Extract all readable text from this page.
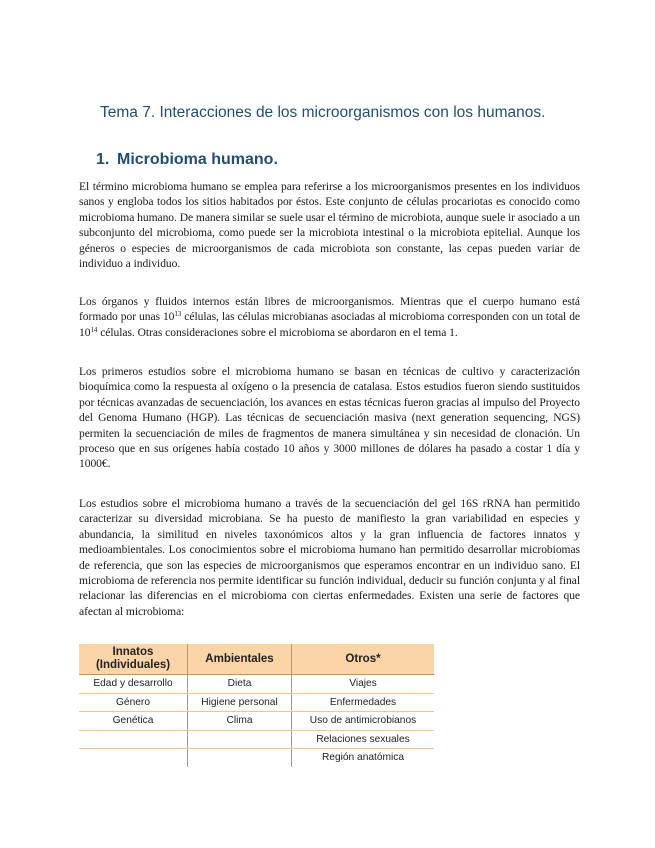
Tema 7. Interacciones de los microorganismos con los humanos.
1. Microbioma humano.

El término microbioma humano se emplea para referirse a los microorganismos presentes en los individuos sanos y engloba todos los sitios habitados por éstos. Este conjunto de células procariotas es conocido como microbioma humano. De manera similar se suele usar el término de microbiota, aunque suele ir asociado a un subconjunto del microbioma, como puede ser la microbiota intestinal o la microbiota epitelial. Aunque los géneros o especies de microorganismos de cada microbiota son constante, las cepas pueden variar de individuo a individuo.

Los órganos y fluidos internos están libres de microorganismos. Mientras que el cuerpo humano está formado por unas $10^{13}$ células, las células microbianas asociadas al microbioma corresponden con un total de $10^{14}$ células. Otras consideraciones sobre el microbioma se abordaron en el tema 1.

Los primeros estudios sobre el microbioma humano se basan en técnicas de cultivo y caracterización bioquímica como la respuesta al oxígeno o la presencia de catalasa. Estos estudios fueron siendo sustituidos por técnicas avanzadas de secuenciación, los avances en estas técnicas fueron gracias al impulso del Proyecto del Genoma Humano (HGP). Las técnicas de secuenciación masiva (next generation sequencing, NGS) permiten la secuenciación de miles de fragmentos de manera simultánea y sin necesidad de clonación. Un proceso que en sus orígenes había costado 10 años y 3000 millones de dólares ha pasado a costar 1 día y 1000€.

Los estudios sobre el microbioma humano a través de la secuenciación del gel 16S rRNA han permitido caracterizar su diversidad microbiana. Se ha puesto de manifiesto la gran variabilidad en especies y abundancia, la similitud en niveles taxonómicos altos y la gran influencia de factores innatos y medioambientales. Los conocimientos sobre el microbioma humano han permitido desarrollar microbiomas de referencia, que son las especies de microorganismos que esperamos encontrar en un individuo sano. El microbioma de referencia nos permite identificar su función individual, deducir su función conjunta y al final relacionar las diferencias en el microbioma con ciertas enfermedades. Existen una serie de factores que afectan al microbioma:

Innatos
(Individuales)	Ambientales	Otros*
Edad y desarrollo	Dieta	Viajes
Género	Higiene personal	Enfermedades
Genética	Clima	Uso de antimicrobianos
		Relaciones sexuales
		Región anatómica
